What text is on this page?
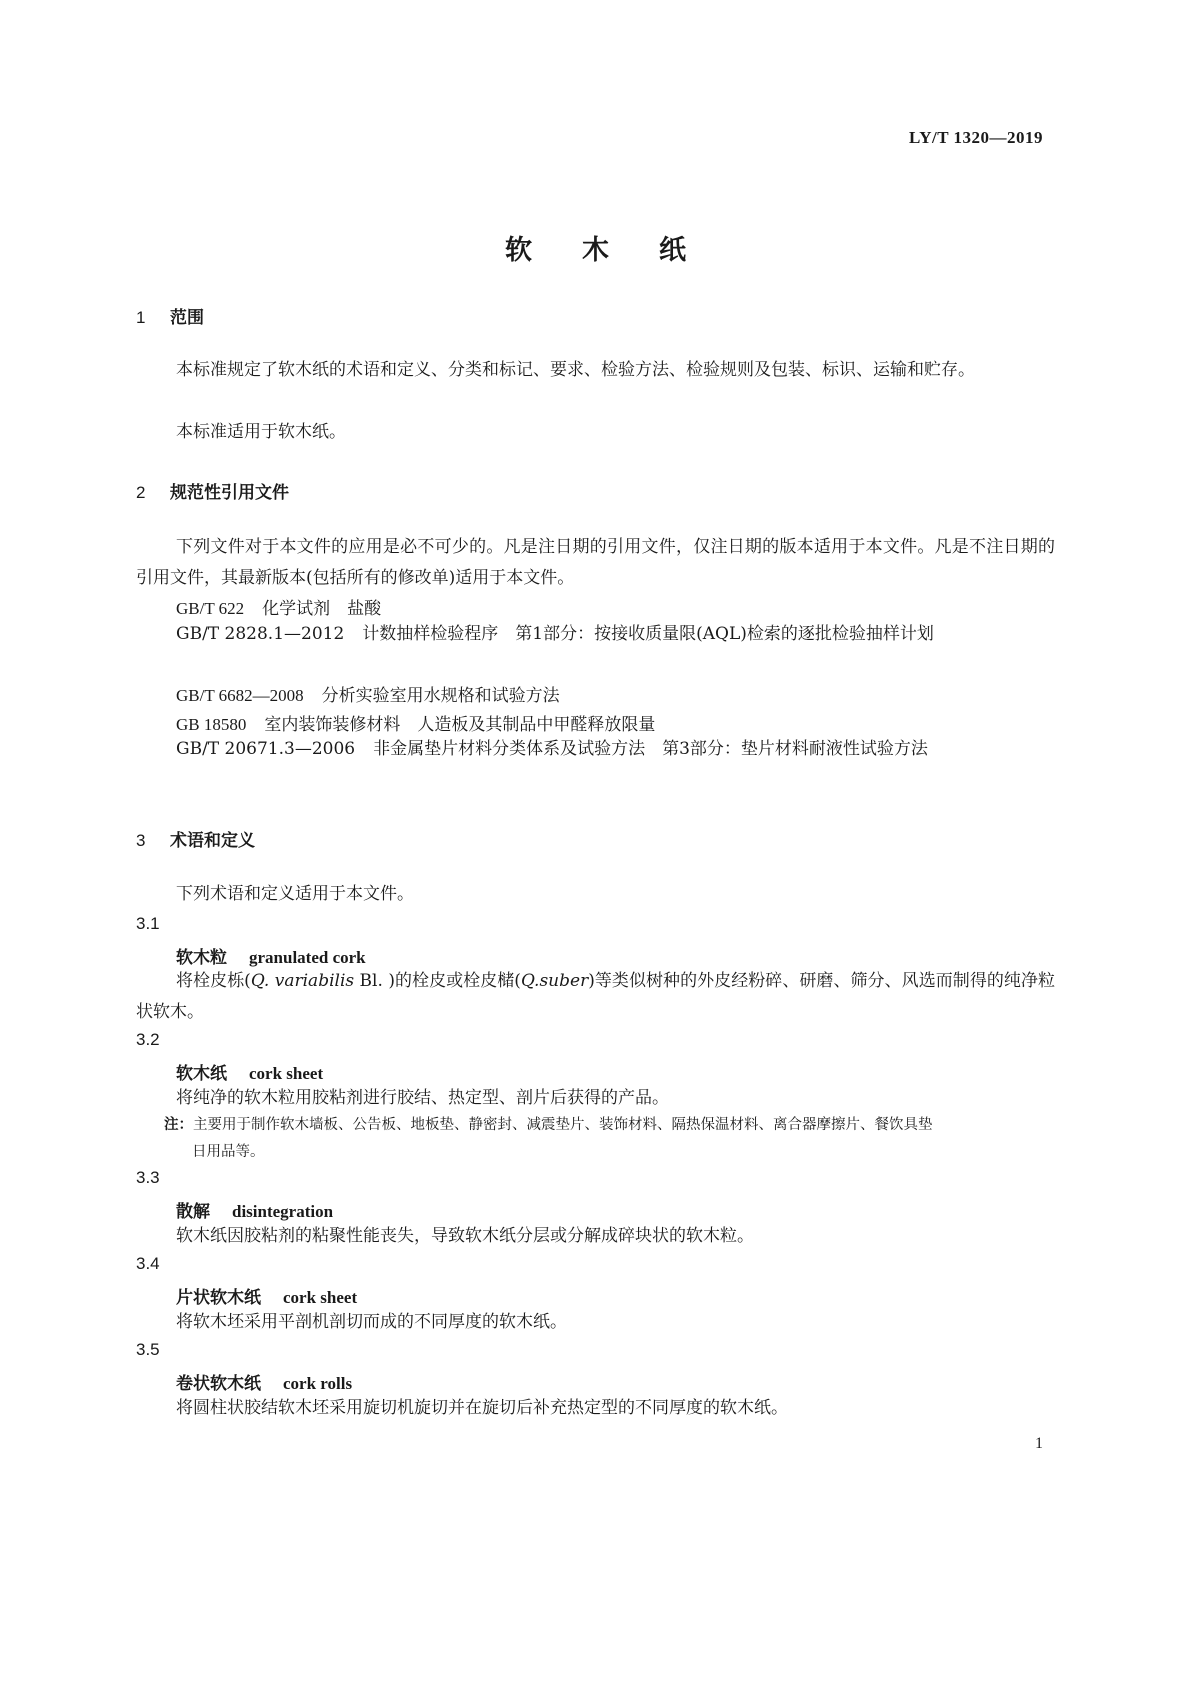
LY/T 1320—2019
软木纸
1 范围
本标准规定了软木纸的术语和定义、分类和标记、要求、检验方法、检验规则及包装、标识、运输和贮存。
本标准适用于软木纸。
2 规范性引用文件
下列文件对于本文件的应用是必不可少的。凡是注日期的引用文件，仅注日期的版本适用于本文件。凡是不注日期的引用文件，其最新版本(包括所有的修改单)适用于本文件。
GB/T 622 化学试剂　盐酸
GB/T 2828.1—2012 计数抽样检验程序　第1部分：按接收质量限(AQL)检索的逐批检验抽样计划
GB/T 6682—2008 分析实验室用水规格和试验方法
GB 18580 室内装饰装修材料　人造板及其制品中甲醛释放限量
GB/T 20671.3—2006 非金属垫片材料分类体系及试验方法　第3部分：垫片材料耐液性试验方法
3 术语和定义
下列术语和定义适用于本文件。
3.1
软木粒 granulated cork
将栓皮栎(Q. variabilis Bl. )的栓皮或栓皮槠(Q.suber)等类似树种的外皮经粉碎、研磨、筛分、风选而制得的纯净粒状软木。
3.2
软木纸 cork sheet
将纯净的软木粒用胶粘剂进行胶结、热定型、剖片后获得的产品。
注：主要用于制作软木墙板、公告板、地板垫、静密封、减震垫片、装饰材料、隔热保温材料、离合器摩擦片、餐饮具垫
日用品等。
3.3
散解 disintegration
软木纸因胶粘剂的粘聚性能丧失，导致软木纸分层或分解成碎块状的软木粒。
3.4
片状软木纸 cork sheet
将软木坯采用平剖机剖切而成的不同厚度的软木纸。
3.5
卷状软木纸 cork rolls
将圆柱状胶结软木坯采用旋切机旋切并在旋切后补充热定型的不同厚度的软木纸。
1
